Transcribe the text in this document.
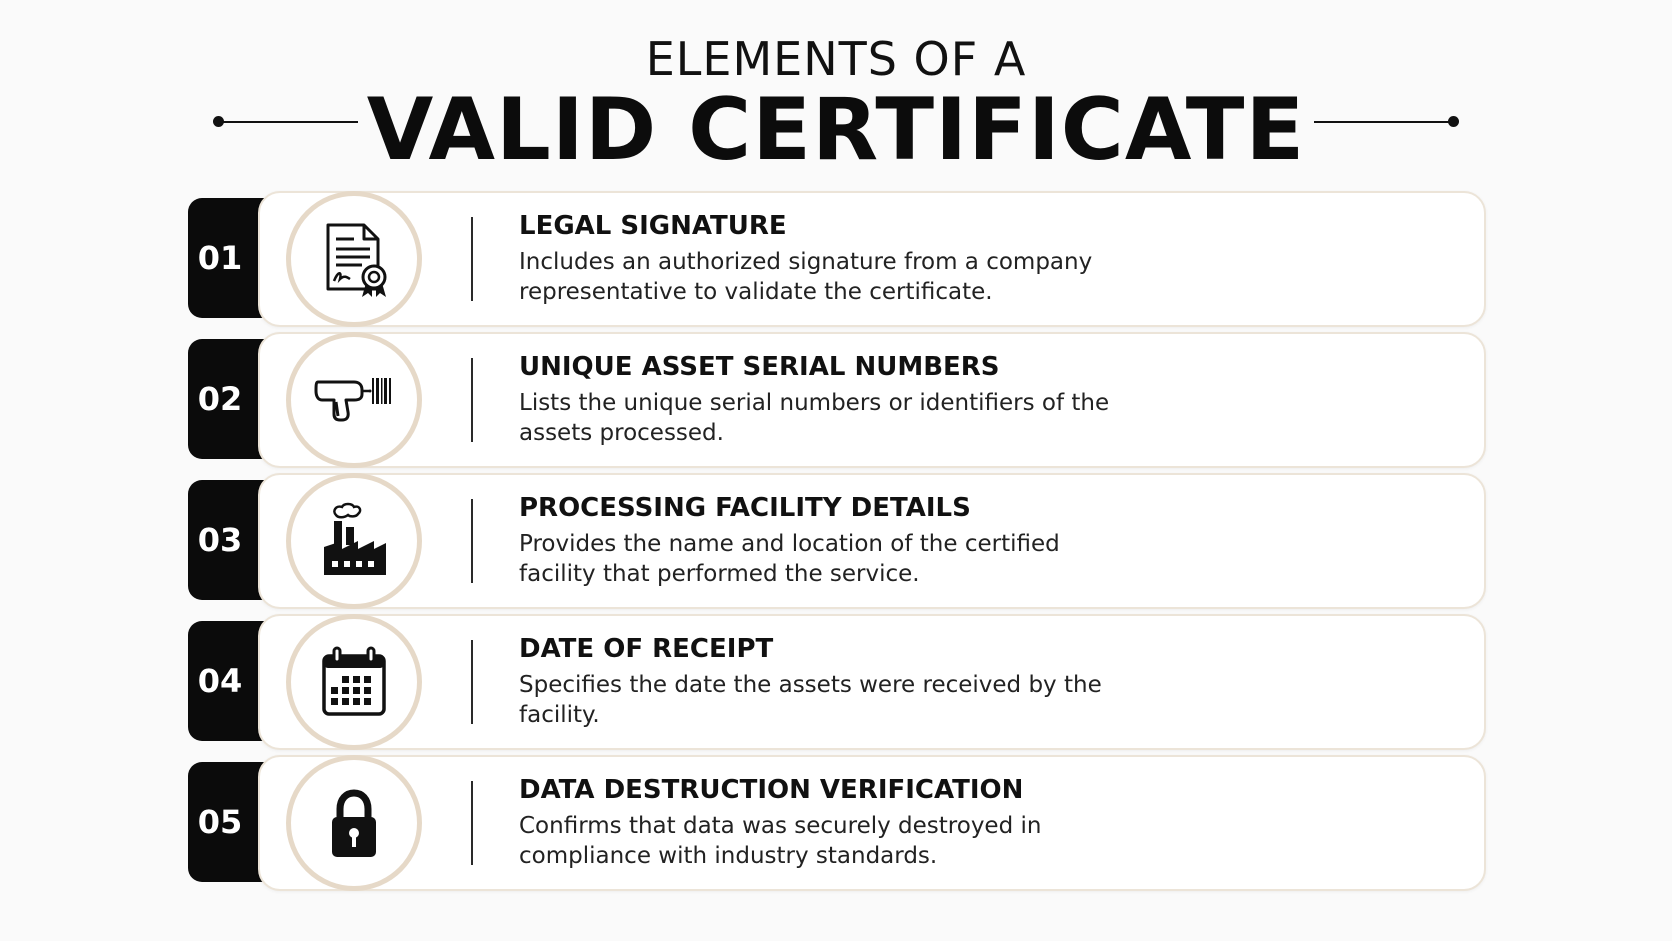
ELEMENTS OF A
VALID CERTIFICATE
01
LEGAL SIGNATURE
Includes an authorized signature from a company representative to validate the certificate.
02
UNIQUE ASSET SERIAL NUMBERS
Lists the unique serial numbers or identifiers of the assets processed.
03
PROCESSING FACILITY DETAILS
Provides the name and location of the certified facility that performed the service.
04
DATE OF RECEIPT
Specifies the date the assets were received by the facility.
05
DATA DESTRUCTION VERIFICATION
Confirms that data was securely destroyed in compliance with industry standards.
